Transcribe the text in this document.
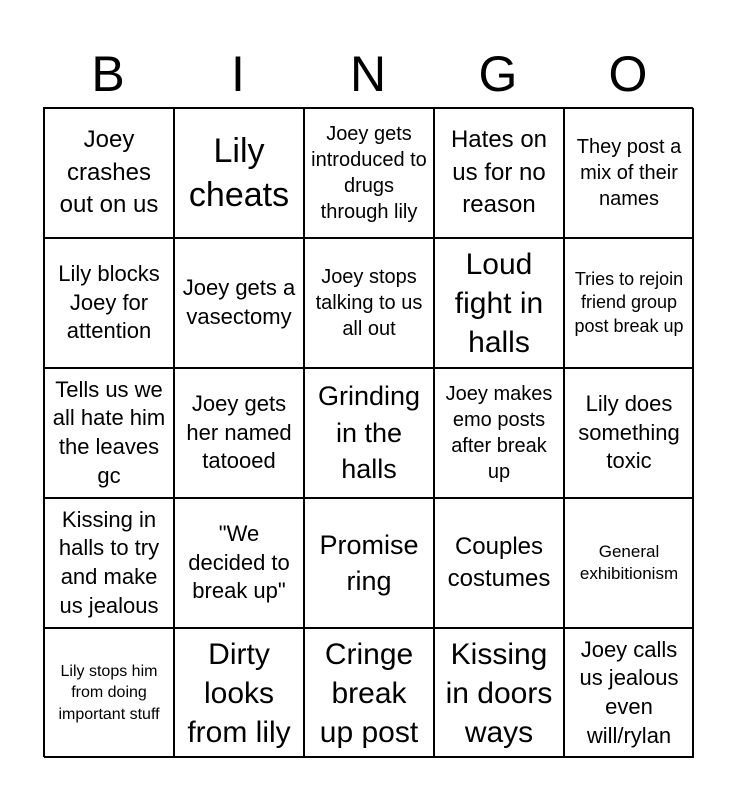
B	I	N	G	O
Joey crashes out on us
Lily cheats
Joey gets introduced to drugs through lily
Hates on us for no reason
They post a mix of their names
Lily blocks Joey for attention
Joey gets a vasectomy
Joey stops talking to us all out
Loud fight in halls
Tries to rejoin friend group post break up
Tells us we all hate him the leaves gc
Joey gets her named tatooed
Grinding in the halls
Joey makes emo posts after break up
Lily does something toxic
Kissing in halls to try and make us jealous
"We decided to break up"
Promise ring
Couples costumes
General exhibitionism
Lily stops him from doing important stuff
Dirty looks from lily
Cringe break up post
Kissing in doors ways
Joey calls us jealous even will/rylan
